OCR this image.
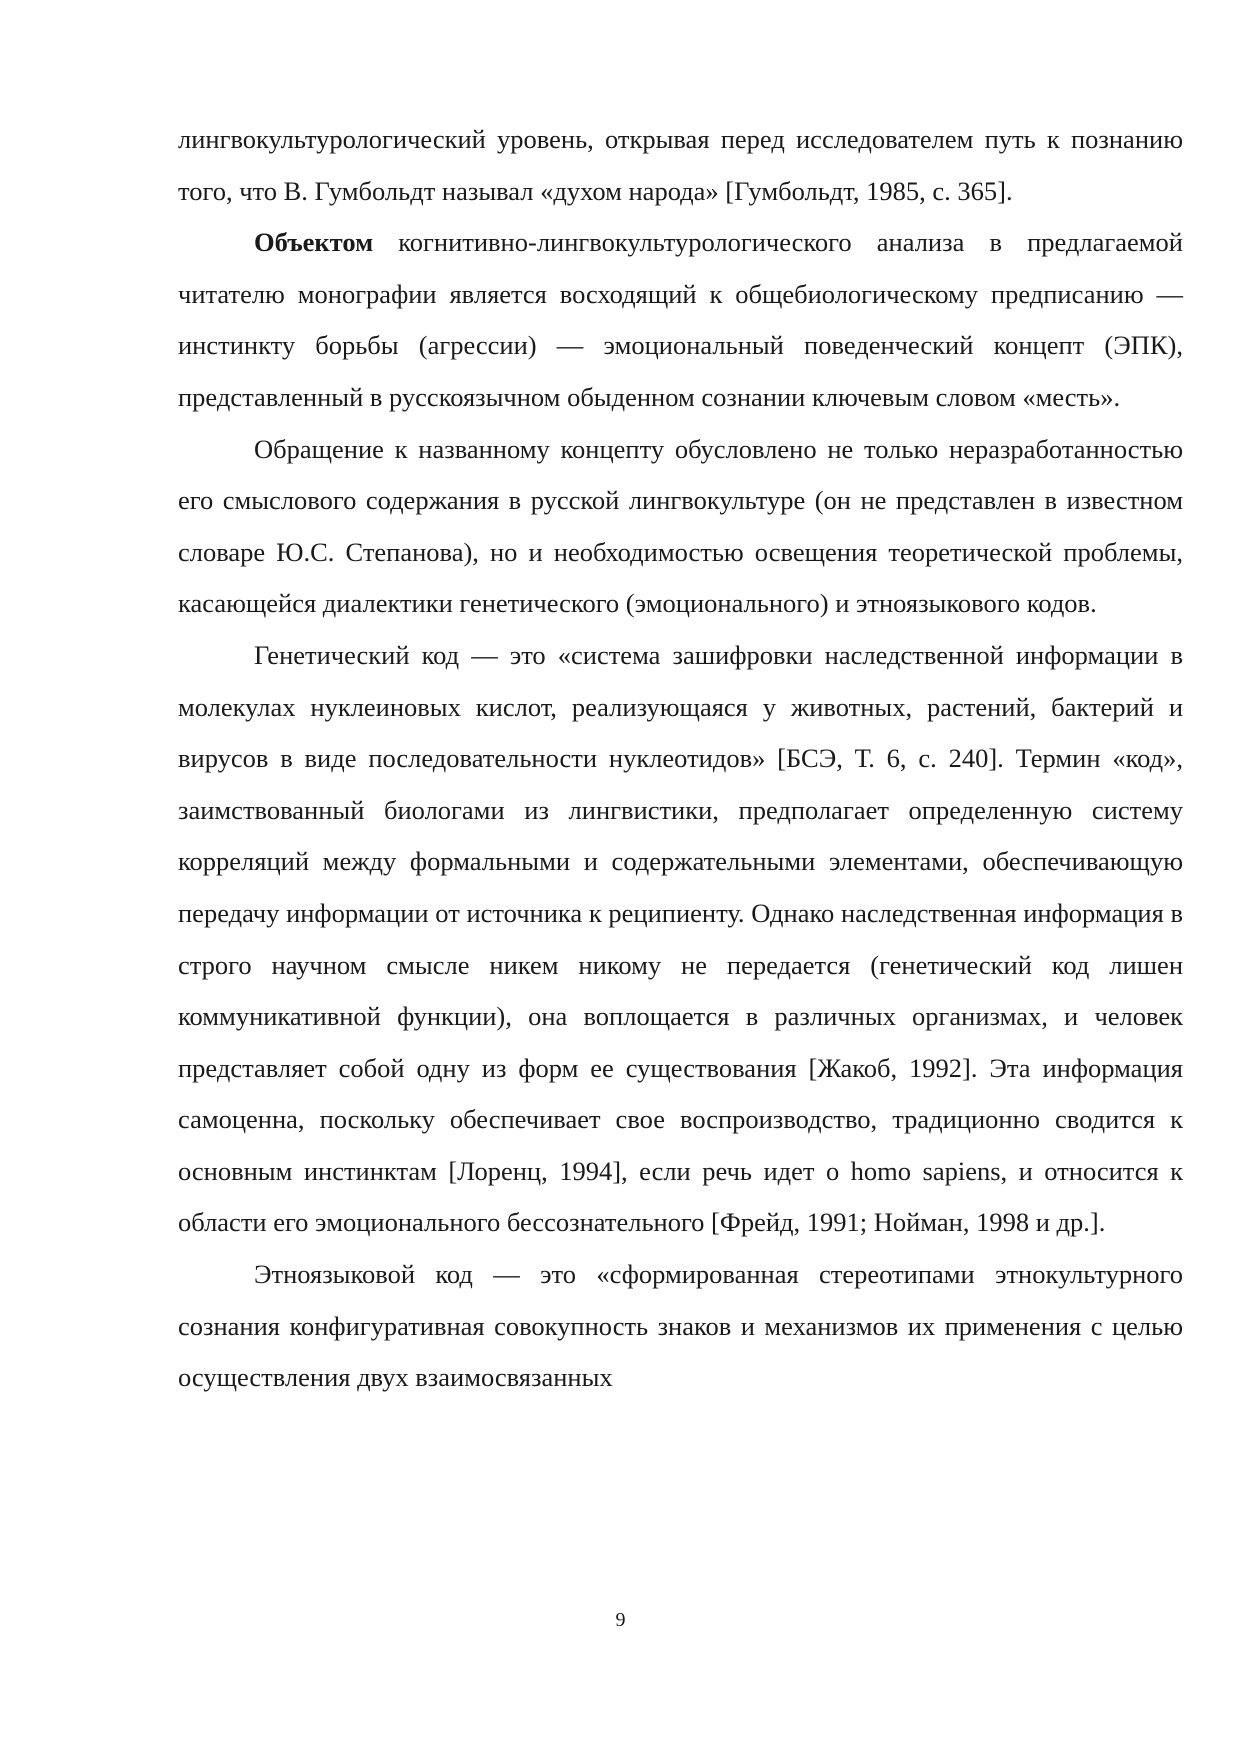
лингвокультурологический уровень, открывая перед исследователем путь к познанию того, что В. Гумбольдт называл «духом народа» [Гумбольдт, 1985, с. 365].

Объектом когнитивно-лингвокультурологического анализа в предлагаемой читателю монографии является восходящий к общебиологическому предписанию — инстинкту борьбы (агрессии) — эмоциональный поведенческий концепт (ЭПК), представленный в русскоязычном обыденном сознании ключевым словом «месть».

Обращение к названному концепту обусловлено не только неразработанностью его смыслового содержания в русской лингвокультуре (он не представлен в известном словаре Ю.С. Степанова), но и необходимостью освещения теоретической проблемы, касающейся диалектики генетического (эмоционального) и этноязыкового кодов.

Генетический код — это «система зашифровки наследственной информации в молекулах нуклеиновых кислот, реализующаяся у животных, растений, бактерий и вирусов в виде последовательности нуклеотидов» [БСЭ, Т. 6, с. 240]. Термин «код», заимствованный биологами из лингвистики, предполагает определенную систему корреляций между формальными и содержательными элементами, обеспечивающую передачу информации от источника к реципиенту. Однако наследственная информация в строго научном смысле никем никому не передается (генетический код лишен коммуникативной функции), она воплощается в различных организмах, и человек представляет собой одну из форм ее существования [Жакоб, 1992]. Эта информация самоценна, поскольку обеспечивает свое воспроизводство, традиционно сводится к основным инстинктам [Лоренц, 1994], если речь идет о homo sapiens, и относится к области его эмоционального бессознательного [Фрейд, 1991; Нойман, 1998 и др.].

Этноязыковой код — это «сформированная стереотипами этнокультурного сознания конфигуративная совокупность знаков и механизмов их применения с целью осуществления двух взаимосвязанных

9
